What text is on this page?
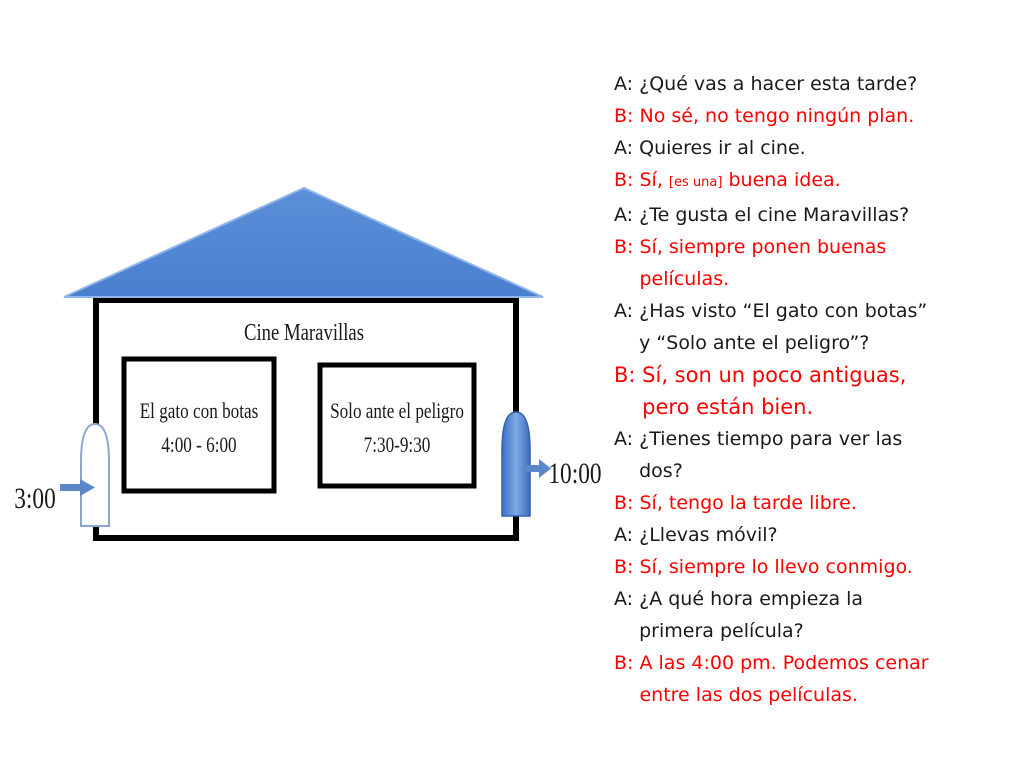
Cine Maravillas
El gato con botas
4:00 - 6:00
Solo ante el peligro
7:30-9:30
3:00
10:00
A:
¿Qué vas a hacer esta tarde?
B:
No sé, no tengo ningún plan.
A:
Quieres ir al cine.
B:
Sí, [es una] buena idea.
A:
¿Te gusta el cine Maravillas?
B:
Sí, siempre ponen buenas
películas.
A:
¿Has visto “El gato con botas”
y “Solo ante el peligro”?
B:
Sí, son un poco antiguas,
pero están bien.
A:
¿Tienes tiempo para ver las
dos?
B:
Sí, tengo la tarde libre.
A:
¿Llevas móvil?
B:
Sí, siempre lo llevo conmigo.
A:
¿A qué hora empieza la
primera película?
B:
A las 4:00 pm. Podemos cenar
entre las dos películas.
